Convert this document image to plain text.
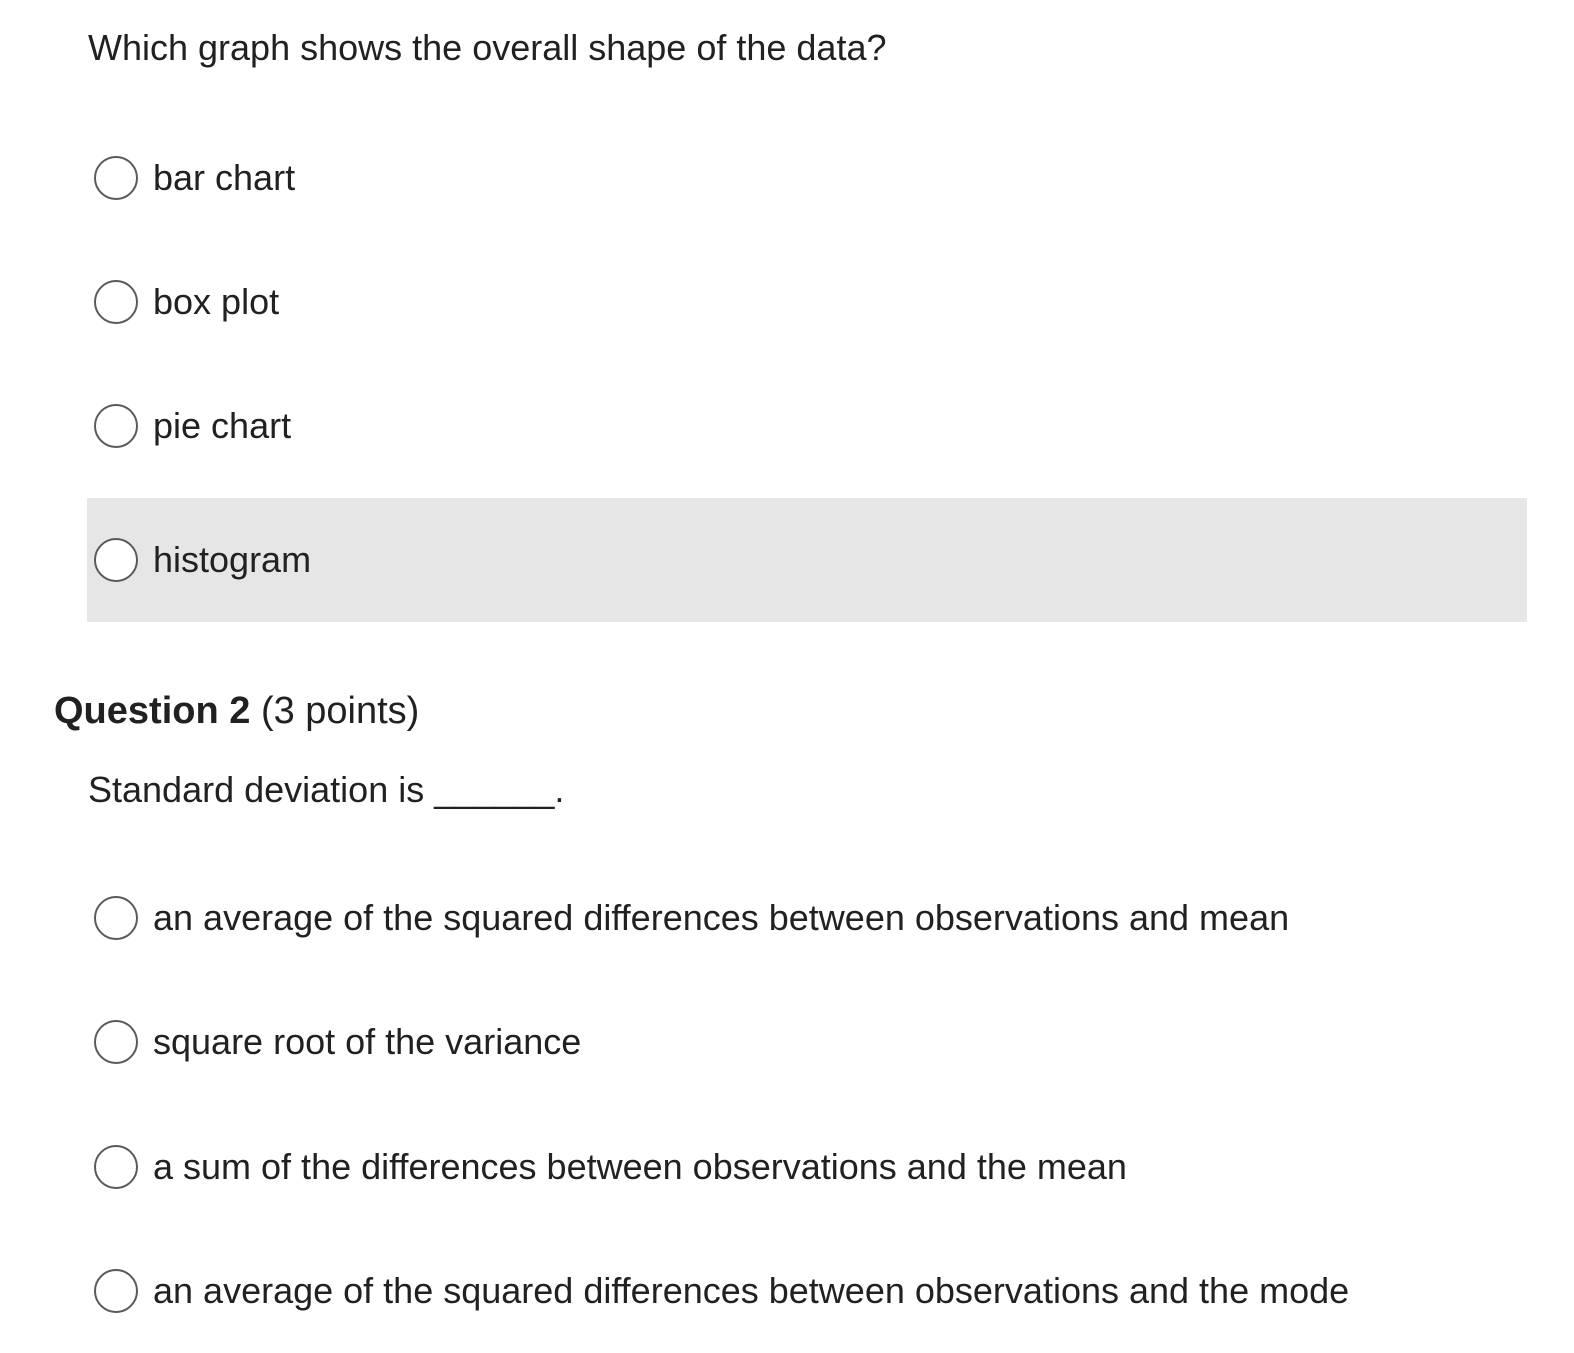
Which graph shows the overall shape of the data?
bar chart
box plot
pie chart
histogram
Question 2 (3 points)
Standard deviation is ______.
an average of the squared differences between observations and mean
square root of the variance
a sum of the differences between observations and the mean
an average of the squared differences between observations and the mode
